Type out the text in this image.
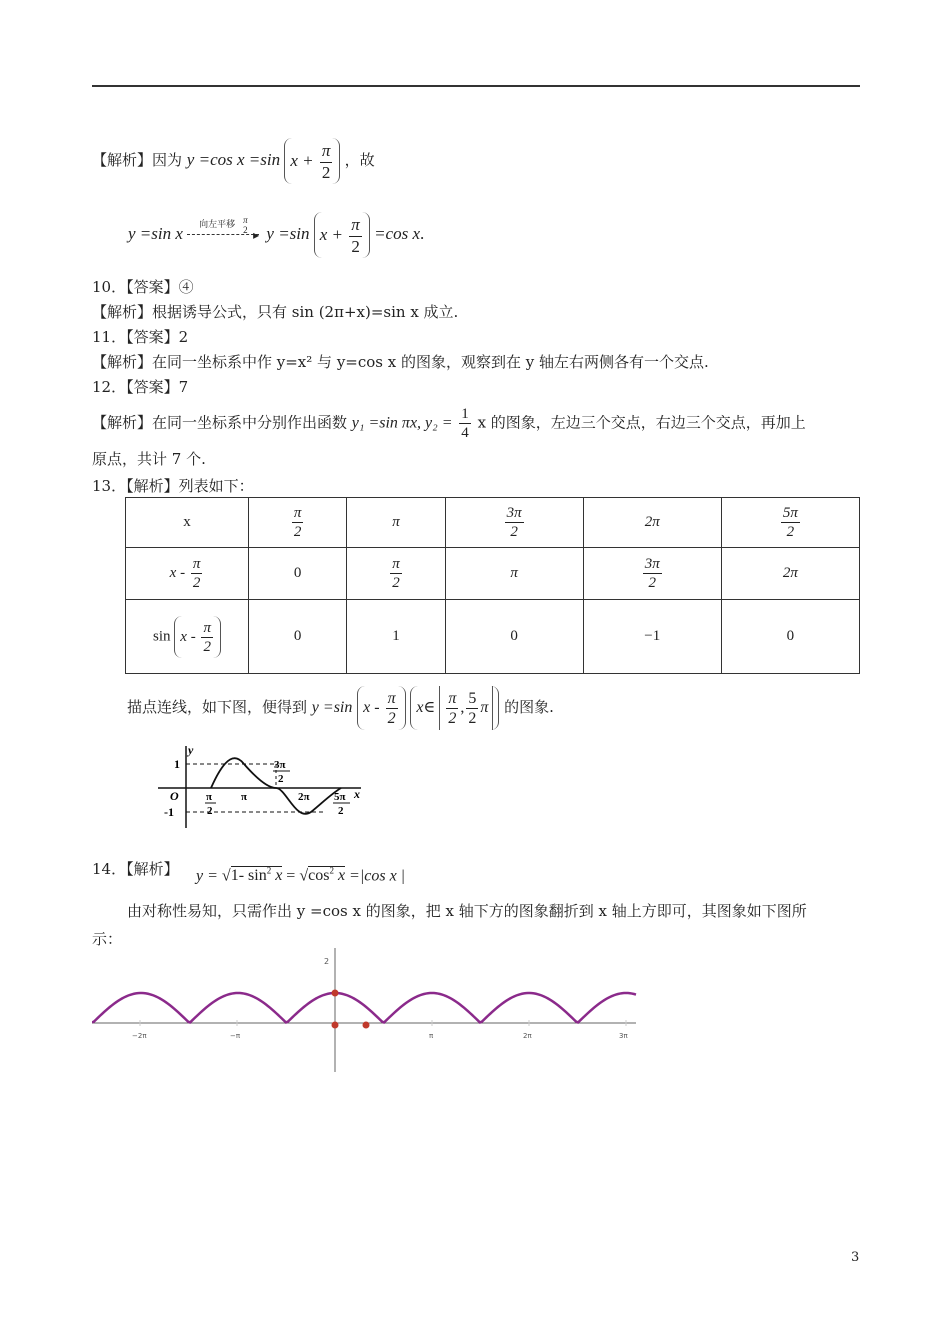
【解析】因为 y =cos x =sin $x + \frac{\pi}{2}$ ，故
y =sin x 向左平移 π
2 ▸ y =sin $x + \frac{\pi}{2} =\cos$ x.
10．【答案】④
【解析】根据诱导公式，只有 sin (2π+x)=sin x 成立.
11．【答案】2
【解析】在同一坐标系中作 y=x² 与 y=cos x 的图象，观察到在 y 轴左右两侧各有一个交点.
12．【答案】7
【解析】在同一坐标系中分别作出函数 y₁ =sin πx, $y_2 = \frac{1}{4}$ x 的图象，左边三个交点，右边三个交点，再加上
原点，共计 7 个.
13．【解析】列表如下：
x	$\frac{\pi}{2}$	π	$\frac{3\pi}{2}$	2π	$\frac{5\pi}{2}$

x - $\frac{\pi}{2}$	0	$\frac{\pi}{2}$	π	$\frac{3\pi}{2}$	2π
sin x - $\frac{\pi}{2}$	0	1	0	−1	0
描点连线，如下图，便得到 y =sin x - $\frac{\pi}{2}$ x∈ $\frac{\pi}{2}$ , $\frac{5}{2}$ π 的图象.
1
-1
O
y
x
π
2
π
3π
2
2π 5π
2
14．【解析】 y = √1- $\sin^2 x = √\cos^2$ x =|cos x |
由对称性易知，只需作出 y =cos x 的图象，把 x 轴下方的图象翻折到 x 轴上方即可，其图象如下图所
示：
2
−2π	−π	π	2π	3π
3
